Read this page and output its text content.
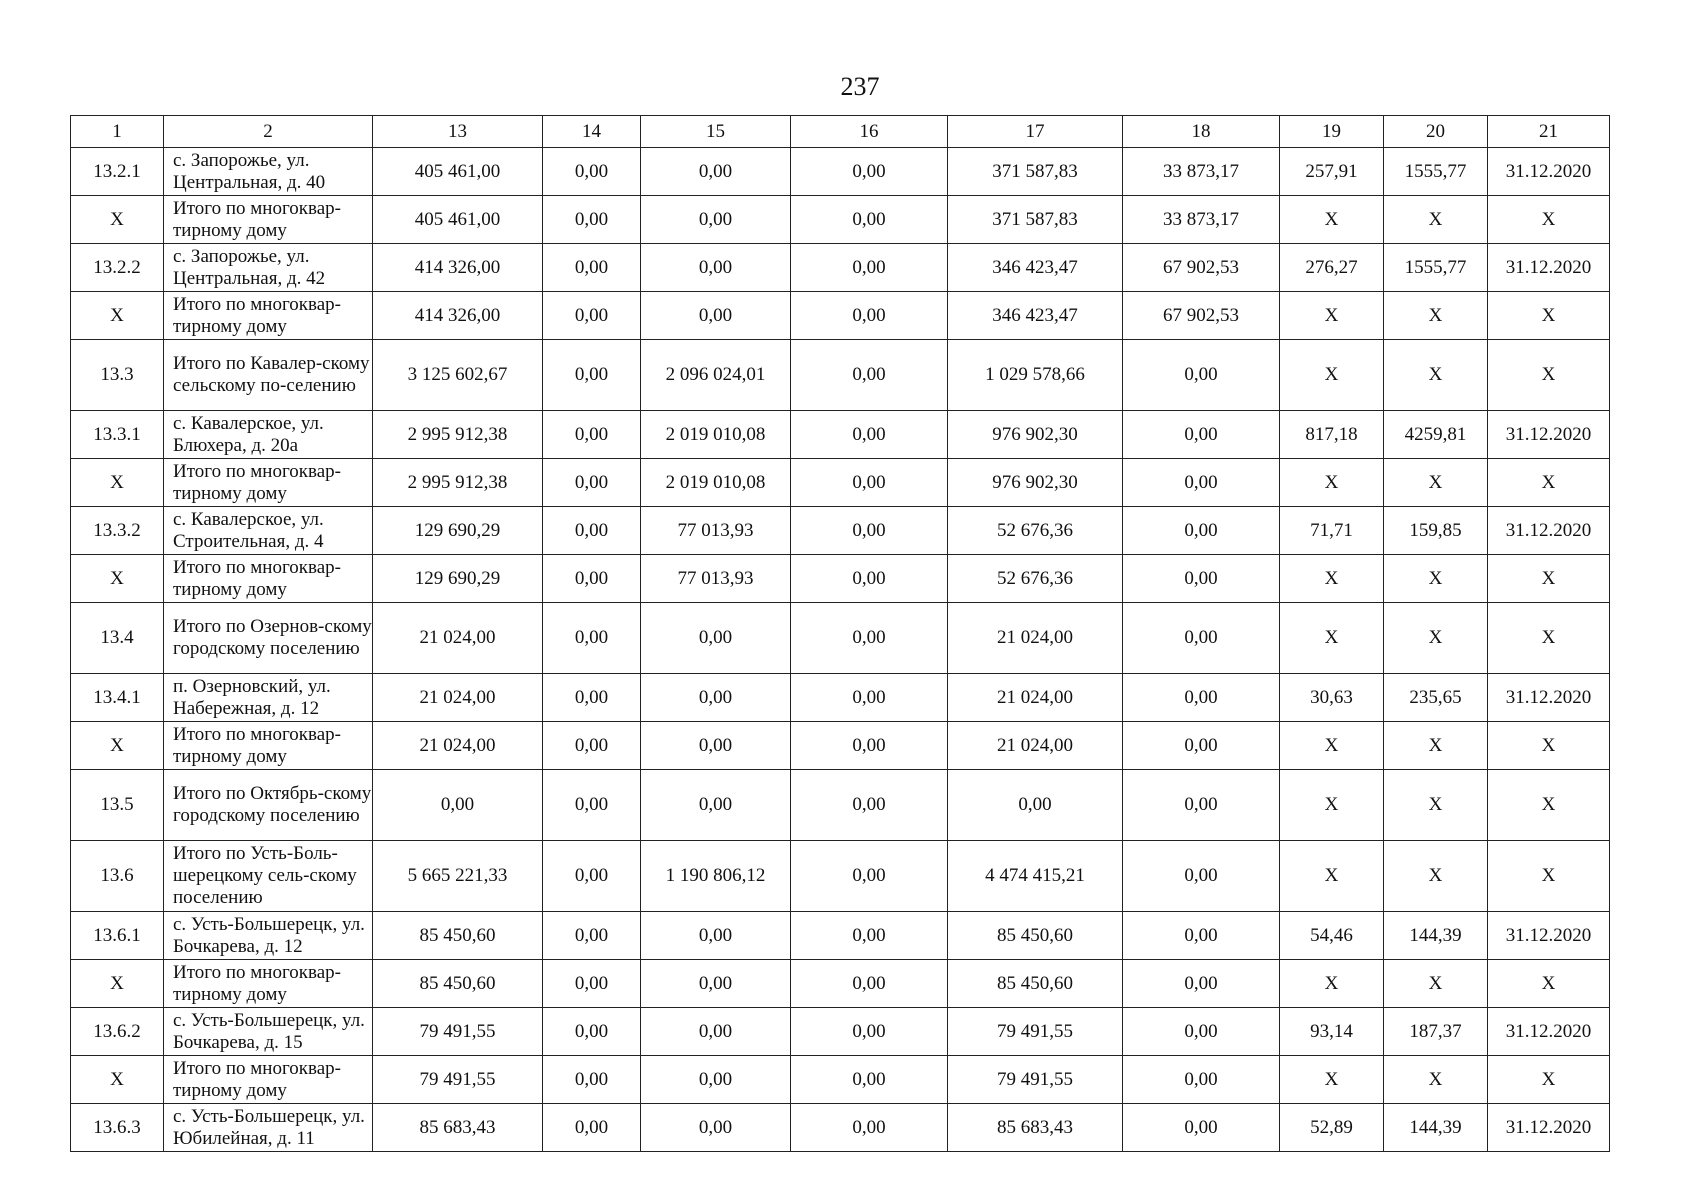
237
1	2	13	14	15	16	17	18	19	20	21
13.2.1	с. Запорожье, ул. Центральная, д. 40	405 461,00	0,00	0,00	0,00	371 587,83	33 873,17	257,91	1555,77	31.12.2020
X	Итого по многоквар-тирному дому	405 461,00	0,00	0,00	0,00	371 587,83	33 873,17	X	X	X
13.2.2	с. Запорожье, ул. Центральная, д. 42	414 326,00	0,00	0,00	0,00	346 423,47	67 902,53	276,27	1555,77	31.12.2020
X	Итого по многоквар-тирному дому	414 326,00	0,00	0,00	0,00	346 423,47	67 902,53	X	X	X
13.3	Итого по Кавалер-скому сельскому по-селению	3 125 602,67	0,00	2 096 024,01	0,00	1 029 578,66	0,00	X	X	X
13.3.1	с. Кавалерское, ул. Блюхера, д. 20а	2 995 912,38	0,00	2 019 010,08	0,00	976 902,30	0,00	817,18	4259,81	31.12.2020
X	Итого по многоквар-тирному дому	2 995 912,38	0,00	2 019 010,08	0,00	976 902,30	0,00	X	X	X
13.3.2	с. Кавалерское, ул. Строительная, д. 4	129 690,29	0,00	77 013,93	0,00	52 676,36	0,00	71,71	159,85	31.12.2020
X	Итого по многоквар-тирному дому	129 690,29	0,00	77 013,93	0,00	52 676,36	0,00	X	X	X
13.4	Итого по Озернов-скому городскому поселению	21 024,00	0,00	0,00	0,00	21 024,00	0,00	X	X	X
13.4.1	п. Озерновский, ул. Набережная, д. 12	21 024,00	0,00	0,00	0,00	21 024,00	0,00	30,63	235,65	31.12.2020
X	Итого по многоквар-тирному дому	21 024,00	0,00	0,00	0,00	21 024,00	0,00	X	X	X
13.5	Итого по Октябрь-скому городскому поселению	0,00	0,00	0,00	0,00	0,00	0,00	X	X	X
13.6	Итого по Усть-Боль-шерецкому сель-скому поселению	5 665 221,33	0,00	1 190 806,12	0,00	4 474 415,21	0,00	X	X	X
13.6.1	с. Усть-Большерецк, ул. Бочкарева, д. 12	85 450,60	0,00	0,00	0,00	85 450,60	0,00	54,46	144,39	31.12.2020
X	Итого по многоквар-тирному дому	85 450,60	0,00	0,00	0,00	85 450,60	0,00	X	X	X
13.6.2	с. Усть-Большерецк, ул. Бочкарева, д. 15	79 491,55	0,00	0,00	0,00	79 491,55	0,00	93,14	187,37	31.12.2020
X	Итого по многоквар-тирному дому	79 491,55	0,00	0,00	0,00	79 491,55	0,00	X	X	X
13.6.3	с. Усть-Большерецк, ул. Юбилейная, д. 11	85 683,43	0,00	0,00	0,00	85 683,43	0,00	52,89	144,39	31.12.2020
